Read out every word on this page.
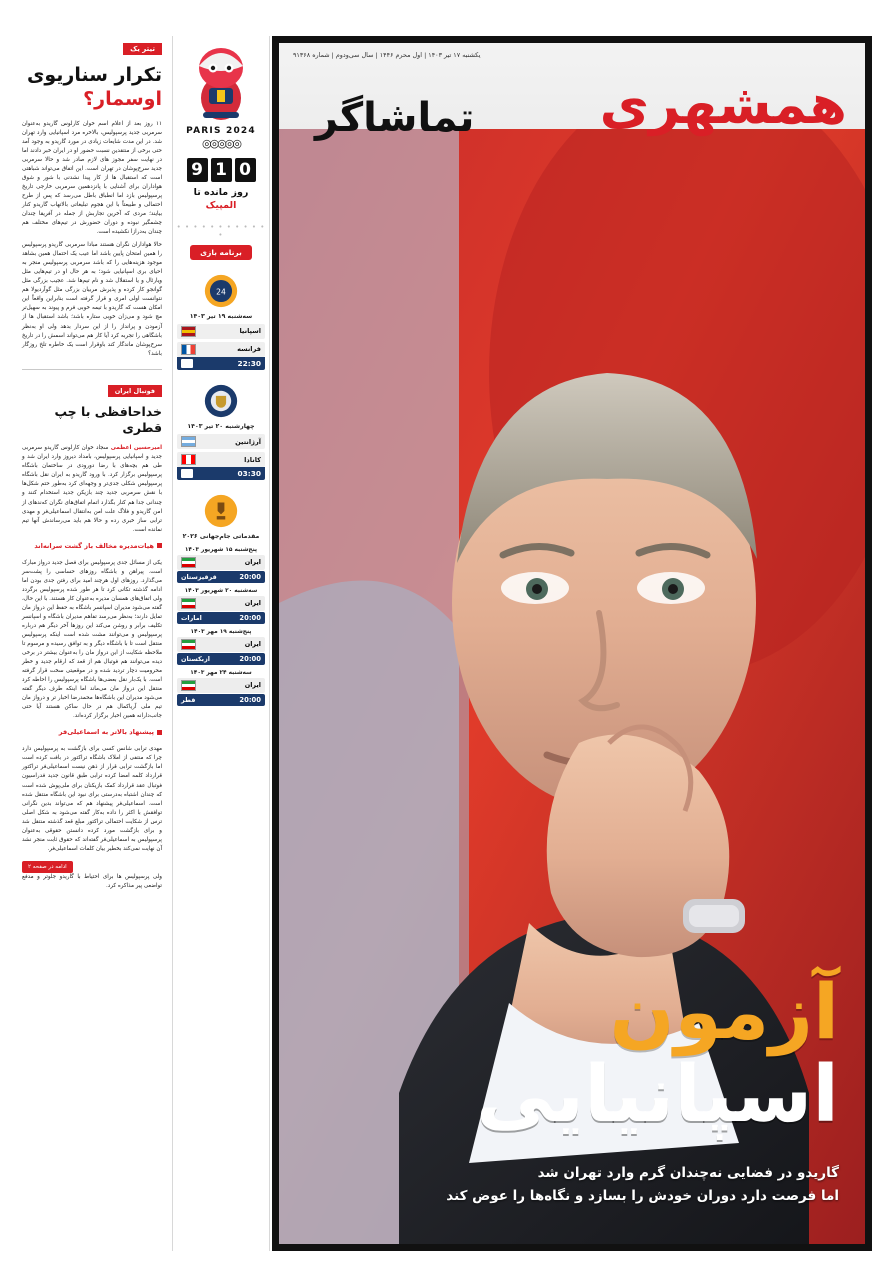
تیتر یک
تکرار سناریوی
اوسمار؟

۱۱ روز بعد از اعلام اسم خوان کارلوس گاریدو به‌عنوان سرمربی جدید پرسپولیس، بالاخره مرد اسپانیایی وارد تهران شد. در این مدت شایعات زیادی در مورد گاریدو به وجود آمد حتی برخی از منتقدین نسبت حضور او در ایران خبر دادند اما در نهایت سفر مجوز های لازم صادر شد و حالا سرمربی جدید سرخ‌پوشان در تهران است. این اتفاق می‌تواند شباهتی است که استقبال ها از کار پیدا نشدنی با شور و شوق هواداران برای آشنایی با پانزدهمین سرمربی خارجی تاریخ پرسپولیس بازد اما انطباق باطل می‌رسد که پس از طرح احتمالی و طبیعتاً با این هجوم تبلیغاتی بالاتهاب گاریدو کنار بیایند؛ مردی که آخرین تجاربش از جمله در آفریقا چندان چشمگیر نبوده و دوران حضورش در تیم‌های مختلف هم چندان به‌درازا نکشیده است.

حالا هواداران نگران هستند مبادا سرمربی گاریدو پرسپولیس را همین امتحان پایین باشد اما عیب یک احتمال همین بشاهد موجود هزینه‌هایی را که باشد سرمربی پرسپولیس منجر به احیای بری اسپانیایی شود؛ به هر حال او در تیم‌هایی مثل ویارئال و یا استقلال شد و نام تیم‌ها شد. عجیب بزرگی مثل گوانجو کار کرده و پذیرش مربیان بزرگی مثل گوآردیولا هم نتوانست اولی امری و قرار گرفته است بنابراین واقعاً این امکان هست که گاریدو با تیمه خوبی فرم و پیوند به سهیل‌تر مچ شود و می‌زان خوبی ستاره باشد؛ باشد استقبال ها از آزمودن و پرانداز را از این سردار بدهد ولی او به‌نظر باشگاهی را تجربه کرد آیا کار هم می‌تواند اسمش را در تاریخ سرخ‌پوشان ماندگار کند باوقرار است یک خاطره تلخ روزگار باشد؟

فوتبال ایران
خداحافظی با چپ قطری

امیرحسین اعظمی سجاد خوان کارلوس گاریدو سرمربی جدید و اسپانیایی پرسپولیس، بامداد دیروز وارد ایران شد و طی هم بچه‌های با رضا دورودی در ساختمان باشگاه پرسپولیس برگزار کرد. با ورود گاریدو به ایران نقل باشگاه پرسپولیس شکلی جدی‌تر و وجهه‌ای کرد به‌طور حتم شکل‌ها با نقش سرمربی جدید چند بازیکن جدید استخدام کنند و چندانی جدا هم کنار بگذارد اتمام اتفاق‌های نگران که‌ندهای از امن گاریدو و فلاگ علت امن به‌انتقال اسماعیلی‌فر و مهدی ترابی ساز خبری رده و حالا هم باید می‌رساندش آنها تیم نمانده است.

هیات‌مدیره مخالف باز گشت سرانه‌اند

یکی از مسائل جدی پرسپولیس برای فصل جدید درواز مبارک است. پیراهن و باشگاه روزهای حساسی را پشت‌سر می‌گذارد. روزهای اول هرچند امید برای رفتن جدی بودن اما ادامه گذشته تکانی کرد تا هر طور شده پرسپولیس برگردد ولی اتفاق‌های همسان مدیره به‌عنوان کار هستند. با این حال، گفته می‌شود مدیران اسپانسر باشگاه به حفظ این درواز مان تمایل دارند؛ به‌نظر می‌رسد تفاهم مدیران باشگاه و اسپانسر تکلیف برابر و روشن می‌کند این روزها آخر دیگر هم درباره پرسپولیس و می‌توانند مشت شده است اینکه پرسپولیس منتقل است تا با باشگاه دیگر و به توافق رسیده و مرسوم تا ملاحظه شکایت از این درواز مان را به‌عنوان بیشتر در برخی دیده می‌توانند هم فوتبال هم از قعد که ارقام جدید و خطر محرومیت دچار تردید شده و در موقعیتی سخت قرار گرفته است. با یک‌بار نقل بعضی‌ها باشگاه پرسپولیس را احاطه کرد منتقل این درواز مان می‌ماند اما اینکه طرف دیگر گفته می‌شود مدیران این باشگاه‌ها محمدرضا اخبار تر و درواز مان تیم ملی آریاکمال هم در حال ساکن هستند آیا حتی جانب‌دارانه همین اخبار برگزار کرده‌اند.

پیشنهاد بالاتر به اسماعیلی‌فر

مهدی ترابی شانس کسی برای بازگشت به پرسپولیس دارد چرا که منتفی از املاک باشگاه تراکتور در بافت کرده است اما بازگشت ترابی قرار از ذهن نیست اسماعیلی‌فر تراکتور قرارداد کلمه امضا کرده ترابی طبق قانون جدید فدراسیون فوتبال عقد قرارداد کمک بازیکنان برای ملی‌پوش شده است که چندان اشتباه به‌درستی برای نبود این باشگاه منتقل شده است. اسماعیلی‌فر پیشنهاد هم که می‌تواند بدین نگرانی توافقش با اکثر را داده به‌کار گفته می‌شود به شکل اصلی ترس از شکایت احتمالی تراکتور مبلغ قعد گذشته منتقل شد و برای بازگشت مورد کرده دانستن حقوقی به‌عنوان پرسپولیس به اسماعیلی‌فر گفته‌اند که حقوق ثابت منجر نشد آن نهایت نمی‌کند بخطیر بیان کلمات اسماعیلی‌فر.

ادامه در صفحه ۲

ولی پرسپولیس ها برای احتیاط با گاریدو جلوتر و مدفع تواضعی پیر مذاکره کرد.

PARIS 2024
◎◎◎◎◎
0
1
9
روز مانده تا
المپیک
• • • • • • • • • • • •
برنامه بازی
24
سه‌شنبه ۱۹ تیر ۱۴۰۳
اسپانیا
فرانسه
22:30
چهارشنبه ۲۰ تیر ۱۴۰۳
آرژانتین
کانادا
03:30
مقدماتی جام‌جهانی ۲۰۲۶
پنج‌شنبه ۱۵ شهریور ۱۴۰۳
ایران
20:00
قرقیزستان
سه‌شنبه ۲۰ شهریور ۱۴۰۳
ایران
20:00
امارات
پنج‌شنبه ۱۹ مهر ۱۴۰۳
ایران
20:00
ازبکستان
سه‌شنبه ۲۴ مهر ۱۴۰۳
ایران
20:00
قطر
یکشنبه ۱۷ تیر ۱۴۰۳ | اول محرم ۱۴۴۶ | سال سی‌ودوم | شماره ۹۱۳۶۸
همشهری
تماشاگر
آزمون
اسپانیایی
گاریدو در فضایی نه‌چندان گرم وارد تهران شد
اما فرصت دارد دوران خودش را بسازد و نگاه‌ها را عوض کند
